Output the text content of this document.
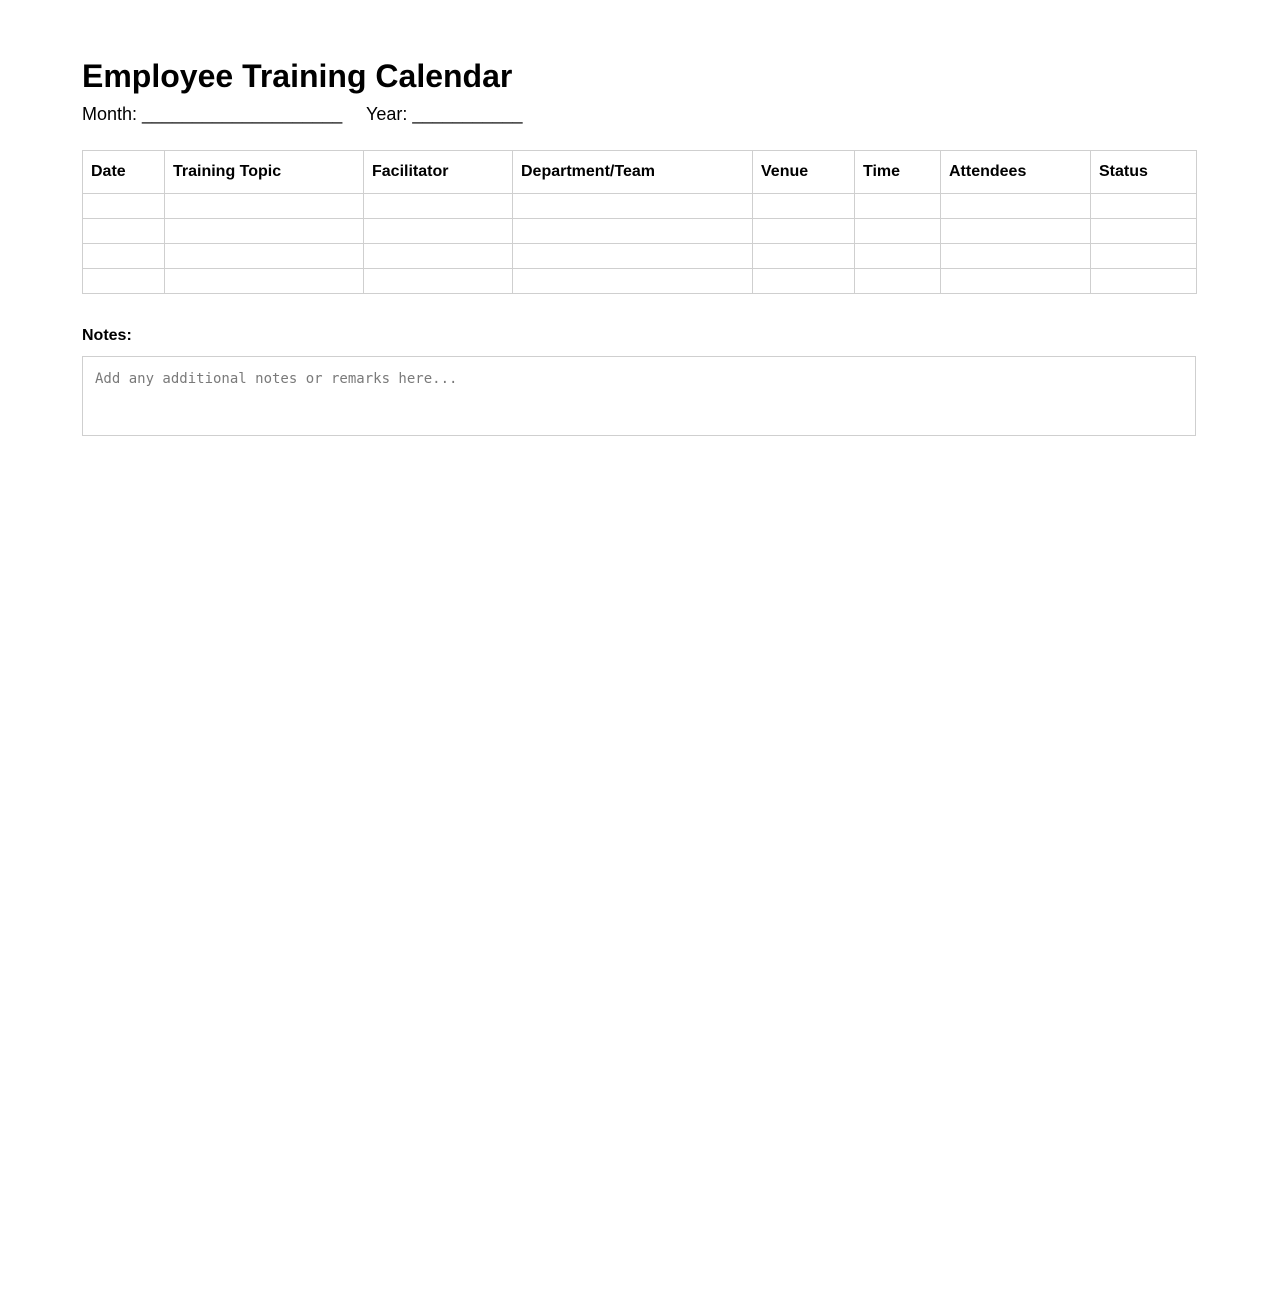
Employee Training Calendar
Month: ____________________ Year: ___________
Date	Training Topic	Facilitator	Department/Team	Venue	Time	Attendees	Status

Notes:
Add any additional notes or remarks here...
